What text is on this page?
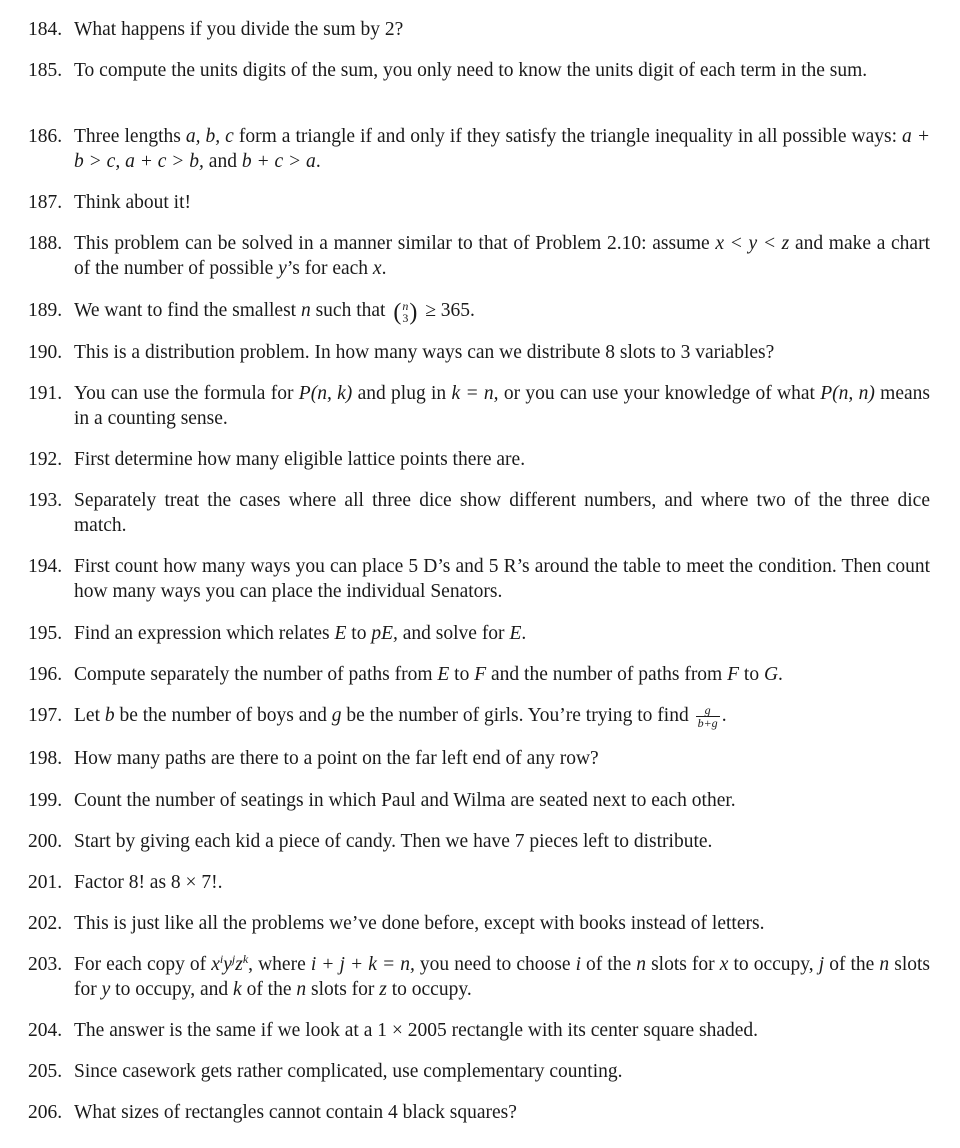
184. What happens if you divide the sum by 2?
185. To compute the units digits of the sum, you only need to know the units digit of each term in the sum.
186. Three lengths a, b, c form a triangle if and only if they satisfy the triangle inequality in all possible ways: a + b > c, a + c > b, and b + c > a.
187. Think about it!
188. This problem can be solved in a manner similar to that of Problem 2.10: assume x < y < z and make a chart of the number of possible y’s for each x.
189. We want to find the smallest n such that ( n
3 ) ≥ 365.
190. This is a distribution problem. In how many ways can we distribute 8 slots to 3 variables?
191. You can use the formula for P(n, k) and plug in k = n, or you can use your knowledge of what P(n, n) means in a counting sense.
192. First determine how many eligible lattice points there are.
193. Separately treat the cases where all three dice show different numbers, and where two of the three dice match.
194. First count how many ways you can place 5 D’s and 5 R’s around the table to meet the condition. Then count how many ways you can place the individual Senators.
195. Find an expression which relates E to pE, and solve for E.
196. Compute separately the number of paths from E to F and the number of paths from F to G.
197. Let b be the number of boys and g be the number of girls. You’re trying to find $\frac{g}{b+g}$ .
198. How many paths are there to a point on the far left end of any row?
199. Count the number of seatings in which Paul and Wilma are seated next to each other.
200. Start by giving each kid a piece of candy. Then we have 7 pieces left to distribute.
201. Factor 8! as 8 × 7!.
202. This is just like all the problems we’ve done before, except with books instead of letters.
203. For each copy of $x^iy^jz^k$, where i + j + k = n, you need to choose i of the n slots for x to occupy, j of the n slots for y to occupy, and k of the n slots for z to occupy.
204. The answer is the same if we look at a 1 × 2005 rectangle with its center square shaded.
205. Since casework gets rather complicated, use complementary counting.
206. What sizes of rectangles cannot contain 4 black squares?
